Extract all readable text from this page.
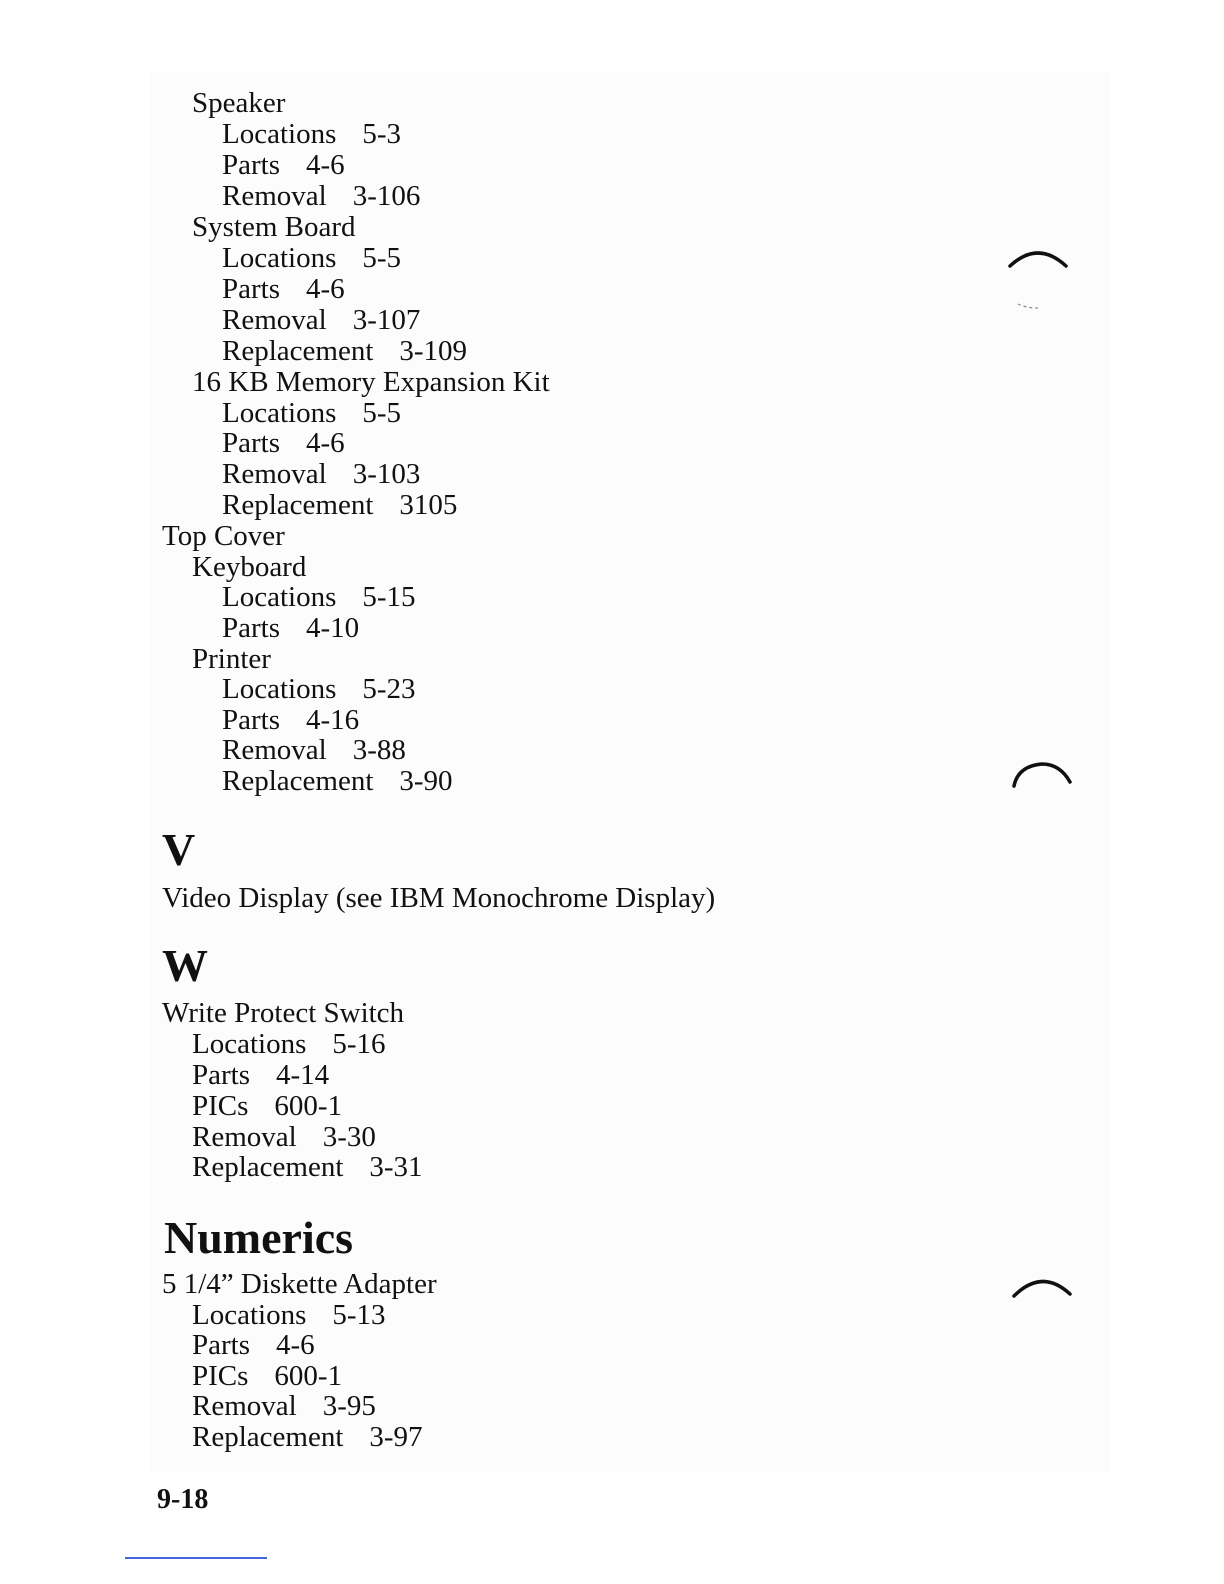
Speaker
Locations 5-3
Parts 4-6
Removal 3-106
System Board
Locations 5-5
Parts 4-6
Removal 3-107
Replacement 3-109
16 KB Memory Expansion Kit
Locations 5-5
Parts 4-6
Removal 3-103
Replacement 3105
Top Cover
Keyboard
Locations 5-15
Parts 4-10
Printer
Locations 5-23
Parts 4-16
Removal 3-88
Replacement 3-90
V
Video Display (see IBM Monochrome Display)
W
Write Protect Switch
Locations 5-16
Parts 4-14
PICs 600-1
Removal 3-30
Replacement 3-31
Numerics
5 1/4” Diskette Adapter
Locations 5-13
Parts 4-6
PICs 600-1
Removal 3-95
Replacement 3-97
9-18
